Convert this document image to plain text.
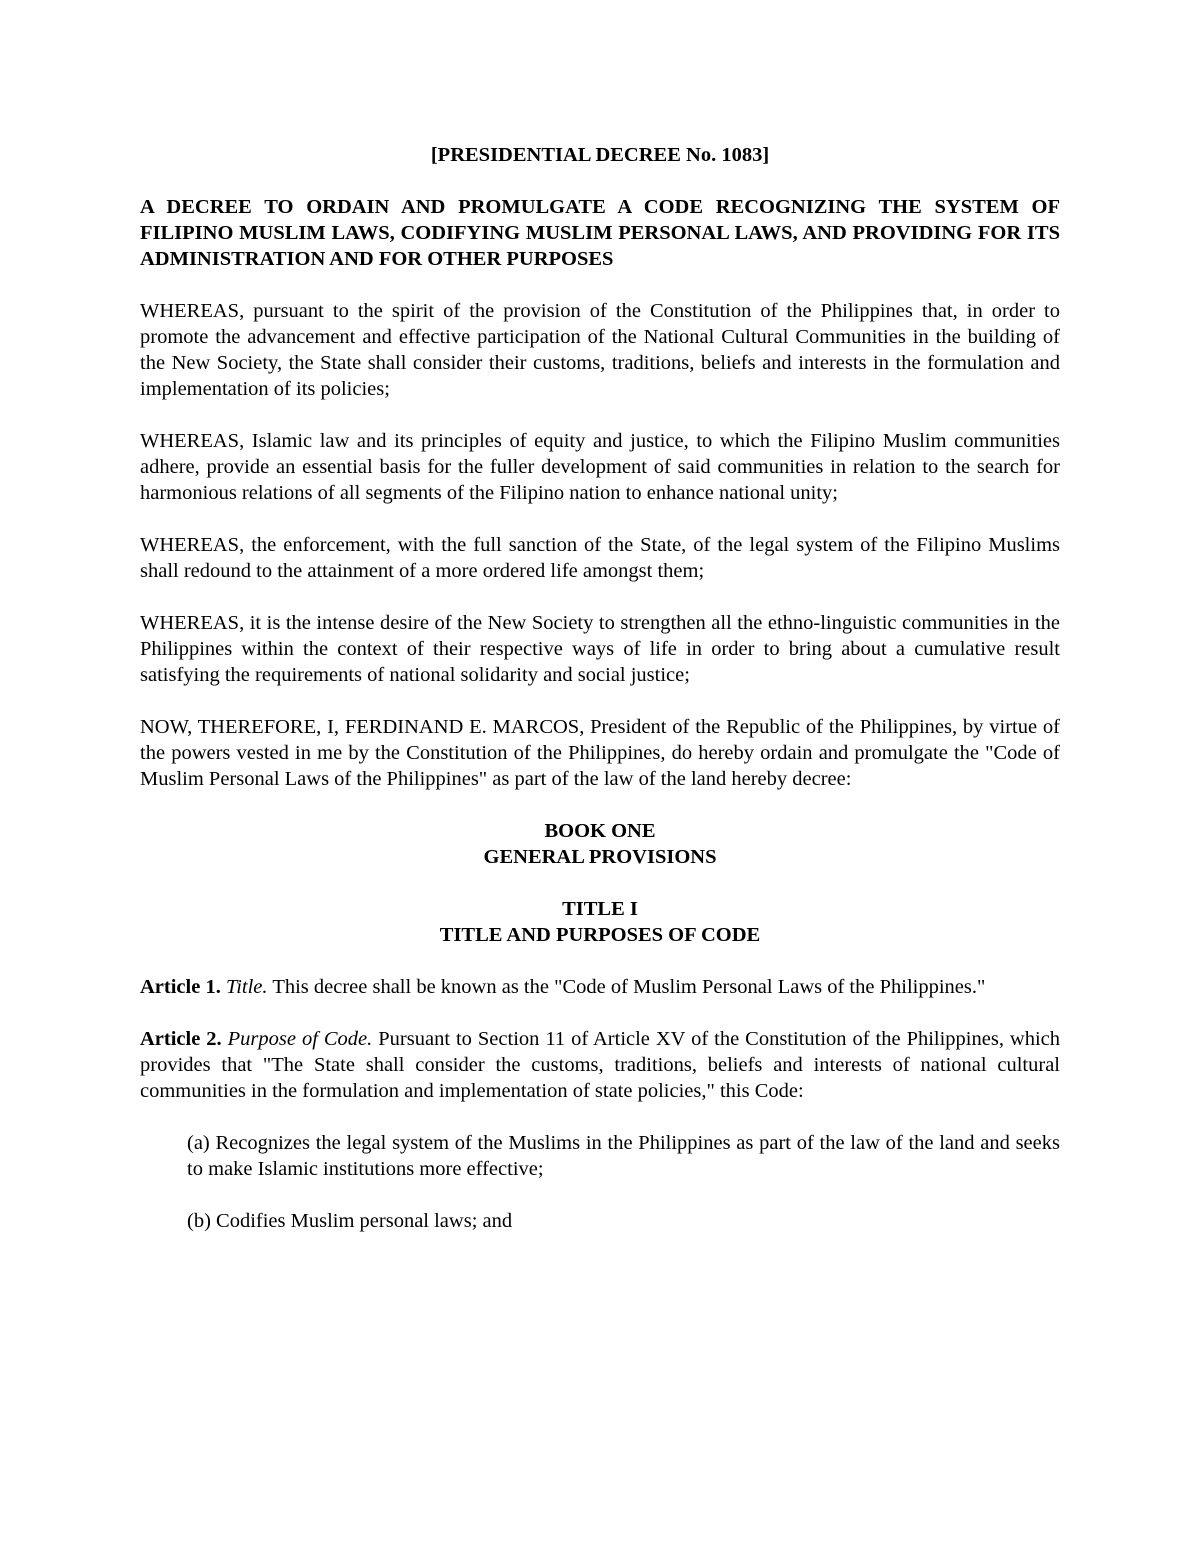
[PRESIDENTIAL DECREE No. 1083]
A DECREE TO ORDAIN AND PROMULGATE A CODE RECOGNIZING THE SYSTEM OF FILIPINO MUSLIM LAWS, CODIFYING MUSLIM PERSONAL LAWS, AND PROVIDING FOR ITS ADMINISTRATION AND FOR OTHER PURPOSES

WHEREAS, pursuant to the spirit of the provision of the Constitution of the Philippines that, in order to promote the advancement and effective participation of the National Cultural Communities in the building of the New Society, the State shall consider their customs, traditions, beliefs and interests in the formulation and implementation of its policies;

WHEREAS, Islamic law and its principles of equity and justice, to which the Filipino Muslim communities adhere, provide an essential basis for the fuller development of said communities in relation to the search for harmonious relations of all segments of the Filipino nation to enhance national unity;

WHEREAS, the enforcement, with the full sanction of the State, of the legal system of the Filipino Muslims shall redound to the attainment of a more ordered life amongst them;

WHEREAS, it is the intense desire of the New Society to strengthen all the ethno-linguistic communities in the Philippines within the context of their respective ways of life in order to bring about a cumulative result satisfying the requirements of national solidarity and social justice;

NOW, THEREFORE, I, FERDINAND E. MARCOS, President of the Republic of the Philippines, by virtue of the powers vested in me by the Constitution of the Philippines, do hereby ordain and promulgate the "Code of Muslim Personal Laws of the Philippines" as part of the law of the land hereby decree:

BOOK ONE
GENERAL PROVISIONS
TITLE I
TITLE AND PURPOSES OF CODE

Article 1. Title. This decree shall be known as the "Code of Muslim Personal Laws of the Philippines."

Article 2. Purpose of Code. Pursuant to Section 11 of Article XV of the Constitution of the Philippines, which provides that "The State shall consider the customs, traditions, beliefs and interests of national cultural communities in the formulation and implementation of state policies," this Code:

(a) Recognizes the legal system of the Muslims in the Philippines as part of the law of the land and seeks to make Islamic institutions more effective;

(b) Codifies Muslim personal laws; and
